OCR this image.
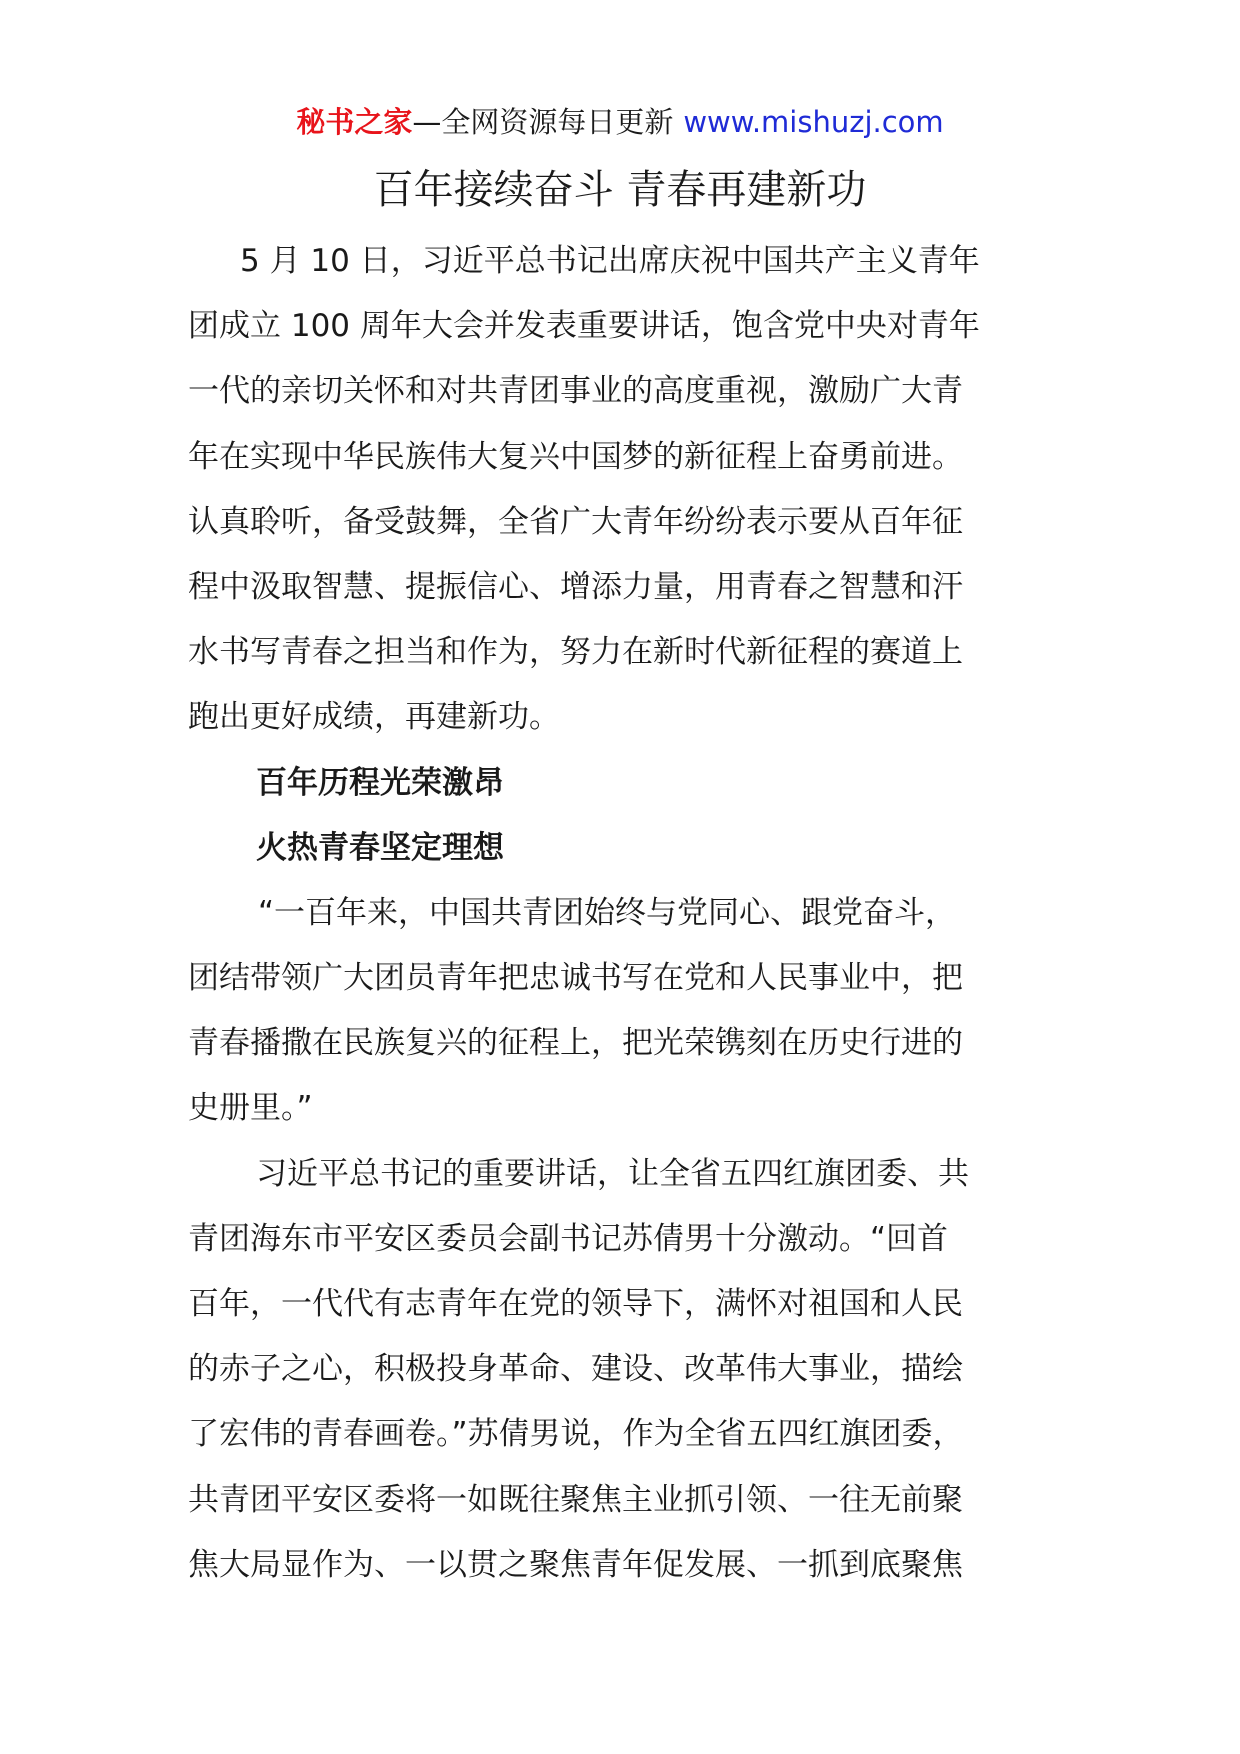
秘书之家—全网资源每日更新 www.mishuzj.com
百年接续奋斗 青春再建新功
5 月 10 日，习近平总书记出席庆祝中国共产主义青年
团成立 100 周年大会并发表重要讲话，饱含党中央对青年
一代的亲切关怀和对共青团事业的高度重视，激励广大青
年在实现中华民族伟大复兴中国梦的新征程上奋勇前进。
认真聆听，备受鼓舞，全省广大青年纷纷表示要从百年征
程中汲取智慧、提振信心、增添力量，用青春之智慧和汗
水书写青春之担当和作为，努力在新时代新征程的赛道上
跑出更好成绩，再建新功。
百年历程光荣激昂
火热青春坚定理想
“一百年来，中国共青团始终与党同心、跟党奋斗，
团结带领广大团员青年把忠诚书写在党和人民事业中，把
青春播撒在民族复兴的征程上，把光荣镌刻在历史行进的
史册里。”
习近平总书记的重要讲话，让全省五四红旗团委、共
青团海东市平安区委员会副书记苏倩男十分激动。“回首
百年，一代代有志青年在党的领导下，满怀对祖国和人民
的赤子之心，积极投身革命、建设、改革伟大事业，描绘
了宏伟的青春画卷。”苏倩男说，作为全省五四红旗团委，
共青团平安区委将一如既往聚焦主业抓引领、一往无前聚
焦大局显作为、一以贯之聚焦青年促发展、一抓到底聚焦
